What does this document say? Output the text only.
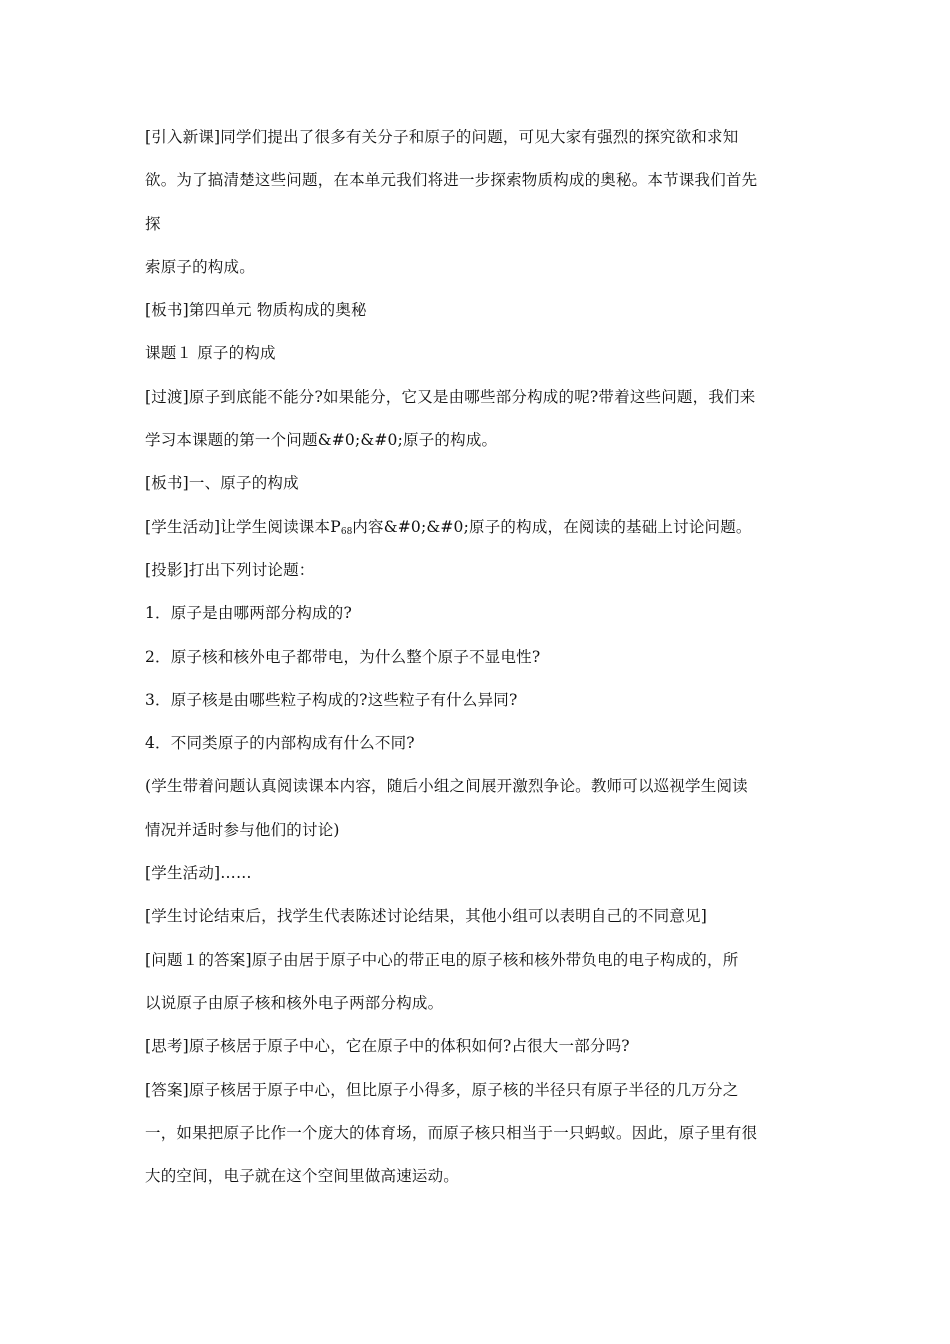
[引入新课]同学们提出了很多有关分子和原子的问题，可见大家有强烈的探究欲和求知
欲。为了搞清楚这些问题，在本单元我们将进一步探索物质构成的奥秘。本节课我们首先
探
索原子的构成。
[板书]第四单元 物质构成的奥秘
课题１ 原子的构成
[过渡]原子到底能不能分?如果能分，它又是由哪些部分构成的呢?带着这些问题，我们来
学习本课题的第一个问题&#0;&#0;原子的构成。
[板书]一、原子的构成
[学生活动]让学生阅读课本$P_{68}$内容&#0;&#0;原子的构成，在阅读的基础上讨论问题。
[投影]打出下列讨论题：
1．原子是由哪两部分构成的?
2．原子核和核外电子都带电，为什么整个原子不显电性?
3．原子核是由哪些粒子构成的?这些粒子有什么异同?
4．不同类原子的内部构成有什么不同?
(学生带着问题认真阅读课本内容，随后小组之间展开激烈争论。教师可以巡视学生阅读
情况并适时参与他们的讨论)
[学生活动]……
[学生讨论结束后，找学生代表陈述讨论结果，其他小组可以表明自己的不同意见]
[问题１的答案]原子由居于原子中心的带正电的原子核和核外带负电的电子构成的，所
以说原子由原子核和核外电子两部分构成。
[思考]原子核居于原子中心，它在原子中的体积如何?占很大一部分吗?
[答案]原子核居于原子中心，但比原子小得多，原子核的半径只有原子半径的几万分之
一，如果把原子比作一个庞大的体育场，而原子核只相当于一只蚂蚁。因此，原子里有很
大的空间，电子就在这个空间里做高速运动。
